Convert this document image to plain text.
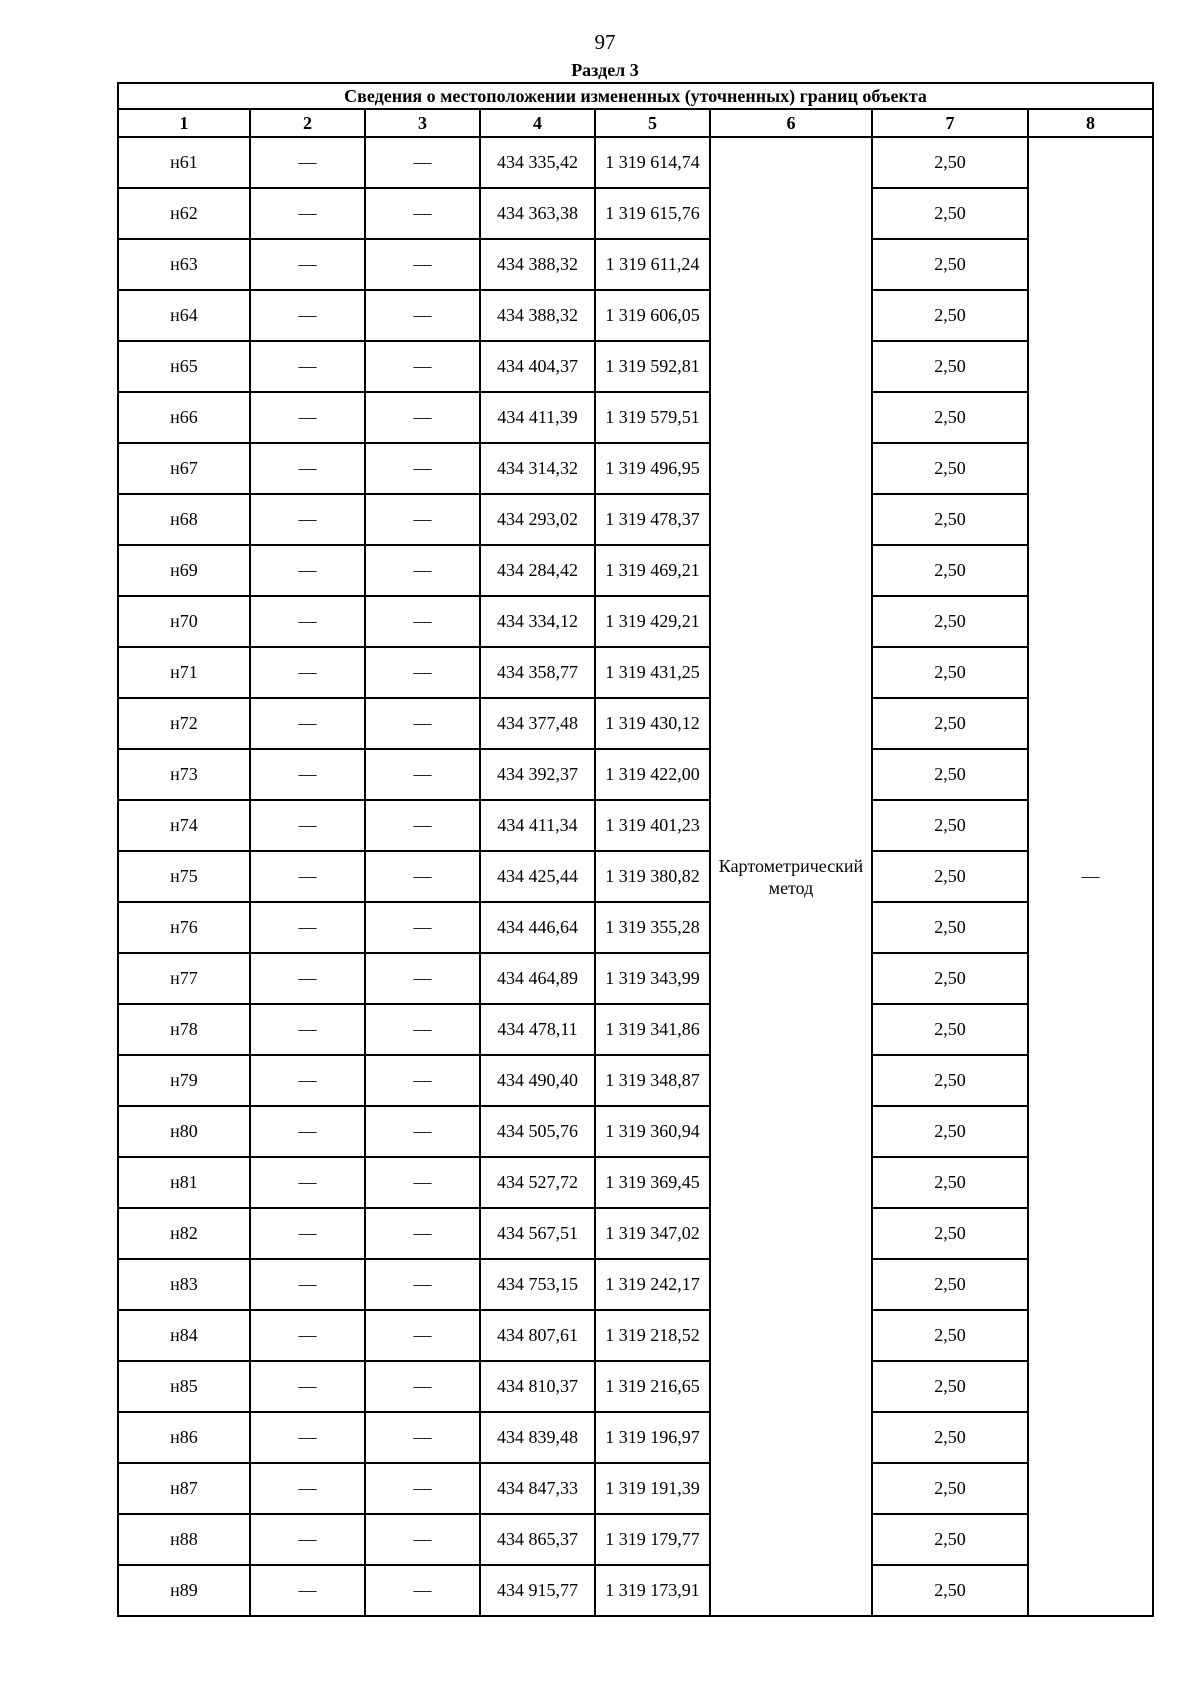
97
Раздел 3
Сведения о местоположении измененных (уточненных) границ объекта							
1	2	3	4	5	6	7	8
н61	—	—	434 335,42	1 319 614,74	Картометрический метод	2,50	—
н62	—	—	434 363,38	1 319 615,76		2,50	
н63	—	—	434 388,32	1 319 611,24		2,50	
н64	—	—	434 388,32	1 319 606,05		2,50	
н65	—	—	434 404,37	1 319 592,81		2,50	
н66	—	—	434 411,39	1 319 579,51		2,50	
н67	—	—	434 314,32	1 319 496,95		2,50	
н68	—	—	434 293,02	1 319 478,37		2,50	
н69	—	—	434 284,42	1 319 469,21		2,50	
н70	—	—	434 334,12	1 319 429,21		2,50	
н71	—	—	434 358,77	1 319 431,25		2,50	
н72	—	—	434 377,48	1 319 430,12		2,50	
н73	—	—	434 392,37	1 319 422,00		2,50	
н74	—	—	434 411,34	1 319 401,23		2,50	
н75	—	—	434 425,44	1 319 380,82		2,50	
н76	—	—	434 446,64	1 319 355,28		2,50	
н77	—	—	434 464,89	1 319 343,99		2,50	
н78	—	—	434 478,11	1 319 341,86		2,50	
н79	—	—	434 490,40	1 319 348,87		2,50	
н80	—	—	434 505,76	1 319 360,94		2,50	
н81	—	—	434 527,72	1 319 369,45		2,50	
н82	—	—	434 567,51	1 319 347,02		2,50	
н83	—	—	434 753,15	1 319 242,17		2,50	
н84	—	—	434 807,61	1 319 218,52		2,50	
н85	—	—	434 810,37	1 319 216,65		2,50	
н86	—	—	434 839,48	1 319 196,97		2,50	
н87	—	—	434 847,33	1 319 191,39		2,50	
н88	—	—	434 865,37	1 319 179,77		2,50	
н89	—	—	434 915,77	1 319 173,91		2,50	
